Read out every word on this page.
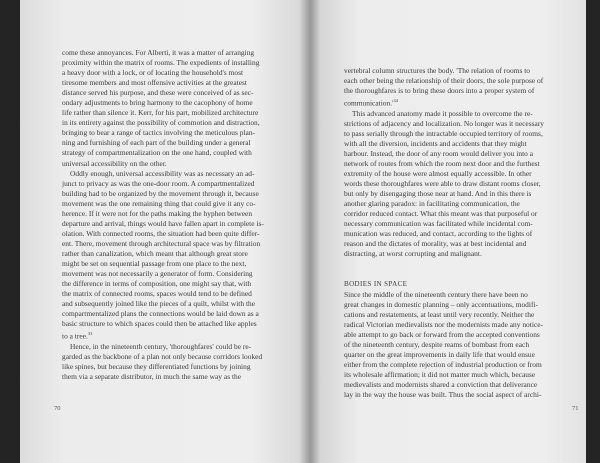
come these annoyances. For Alberti, it was a matter of arranging
proximity within the matrix of rooms. The expedients of installing
a heavy door with a lock, or of locating the household's most
tiresome members and most offensive activities at the greatest
distance served his purpose, and these were conceived of as sec-
ondary adjustments to bring harmony to the cacophony of home
life rather than silence it. Kerr, for his part, mobilized architecture
in its entirety against the possibility of commotion and distraction,
bringing to bear a range of tactics involving the meticulous plan-
ning and furnishing of each part of the building under a general
strategy of compartmentalization on the one hand, coupled with
universal accessibility on the other.
Oddly enough, universal accessibility was as necessary an ad-
junct to privacy as was the one-door room. A compartmentalized
building had to be organized by the movement through it, because
movement was the one remaining thing that could give it any co-
herence. If it were not for the paths making the hyphen between
departure and arrival, things would have fallen apart in complete is-
olation. With connected rooms, the situation had been quite differ-
ent. There, movement through architectural space was by filtration
rather than canalization, which meant that although great store
might be set on sequential passage from one place to the next,
movement was not necessarily a generator of form. Considering
the difference in terms of composition, one might say that, with
the matrix of connected rooms, spaces would tend to be defined
and subsequently joined like the pieces of a quilt, whilst with the
compartmentalized plans the connections would be laid down as a
basic structure to which spaces could then be attached like apples
to a tree.$^{33}$
Hence, in the nineteenth century, 'thoroughfares' could be re-
garded as the backbone of a plan not only because corridors looked
like spines, but because they differentiated functions by joining
them via a separate distributor, in much the same way as the
70
vertebral column structures the body. 'The relation of rooms to
each other being the relationship of their doors, the sole purpose of
the thoroughfares is to bring these doors into a proper system of
$communication.'^{34}$
This advanced anatomy made it possible to overcome the re-
strictions of adjacency and localization. No longer was it necessary
to pass serially through the intractable occupied territory of rooms,
with all the diversion, incidents and accidents that they might
harbour. Instead, the door of any room would deliver you into a
network of routes from which the room next door and the furthest
extremity of the house were almost equally accessible. In other
words these thoroughfares were able to draw distant rooms closer,
but only by disengaging those near at hand. And in this there is
another glaring paradox: in facilitating communication, the
corridor reduced contact. What this meant was that purposeful or
necessary communication was facilitated while incidental com-
munication was reduced, and contact, according to the lights of
reason and the dictates of morality, was at best incidental and
distracting, at worst corrupting and malignant.
BODIES IN SPACE
Since the middle of the nineteenth century there have been no
great changes in domestic planning – only accentuations, modifi-
cations and restatements, at least until very recently. Neither the
radical Victorian medievalists nor the modernists made any notice-
able attempt to go back or forward from the accepted conventions
of the nineteenth century, despite reams of bombast from each
quarter on the great improvements in daily life that would ensue
either from the complete rejection of industrial production or from
its wholesale affirmation; it did not matter much which, because
medievalists and modernists shared a conviction that deliverance
lay in the way the house was built. Thus the social aspect of archi-
71
